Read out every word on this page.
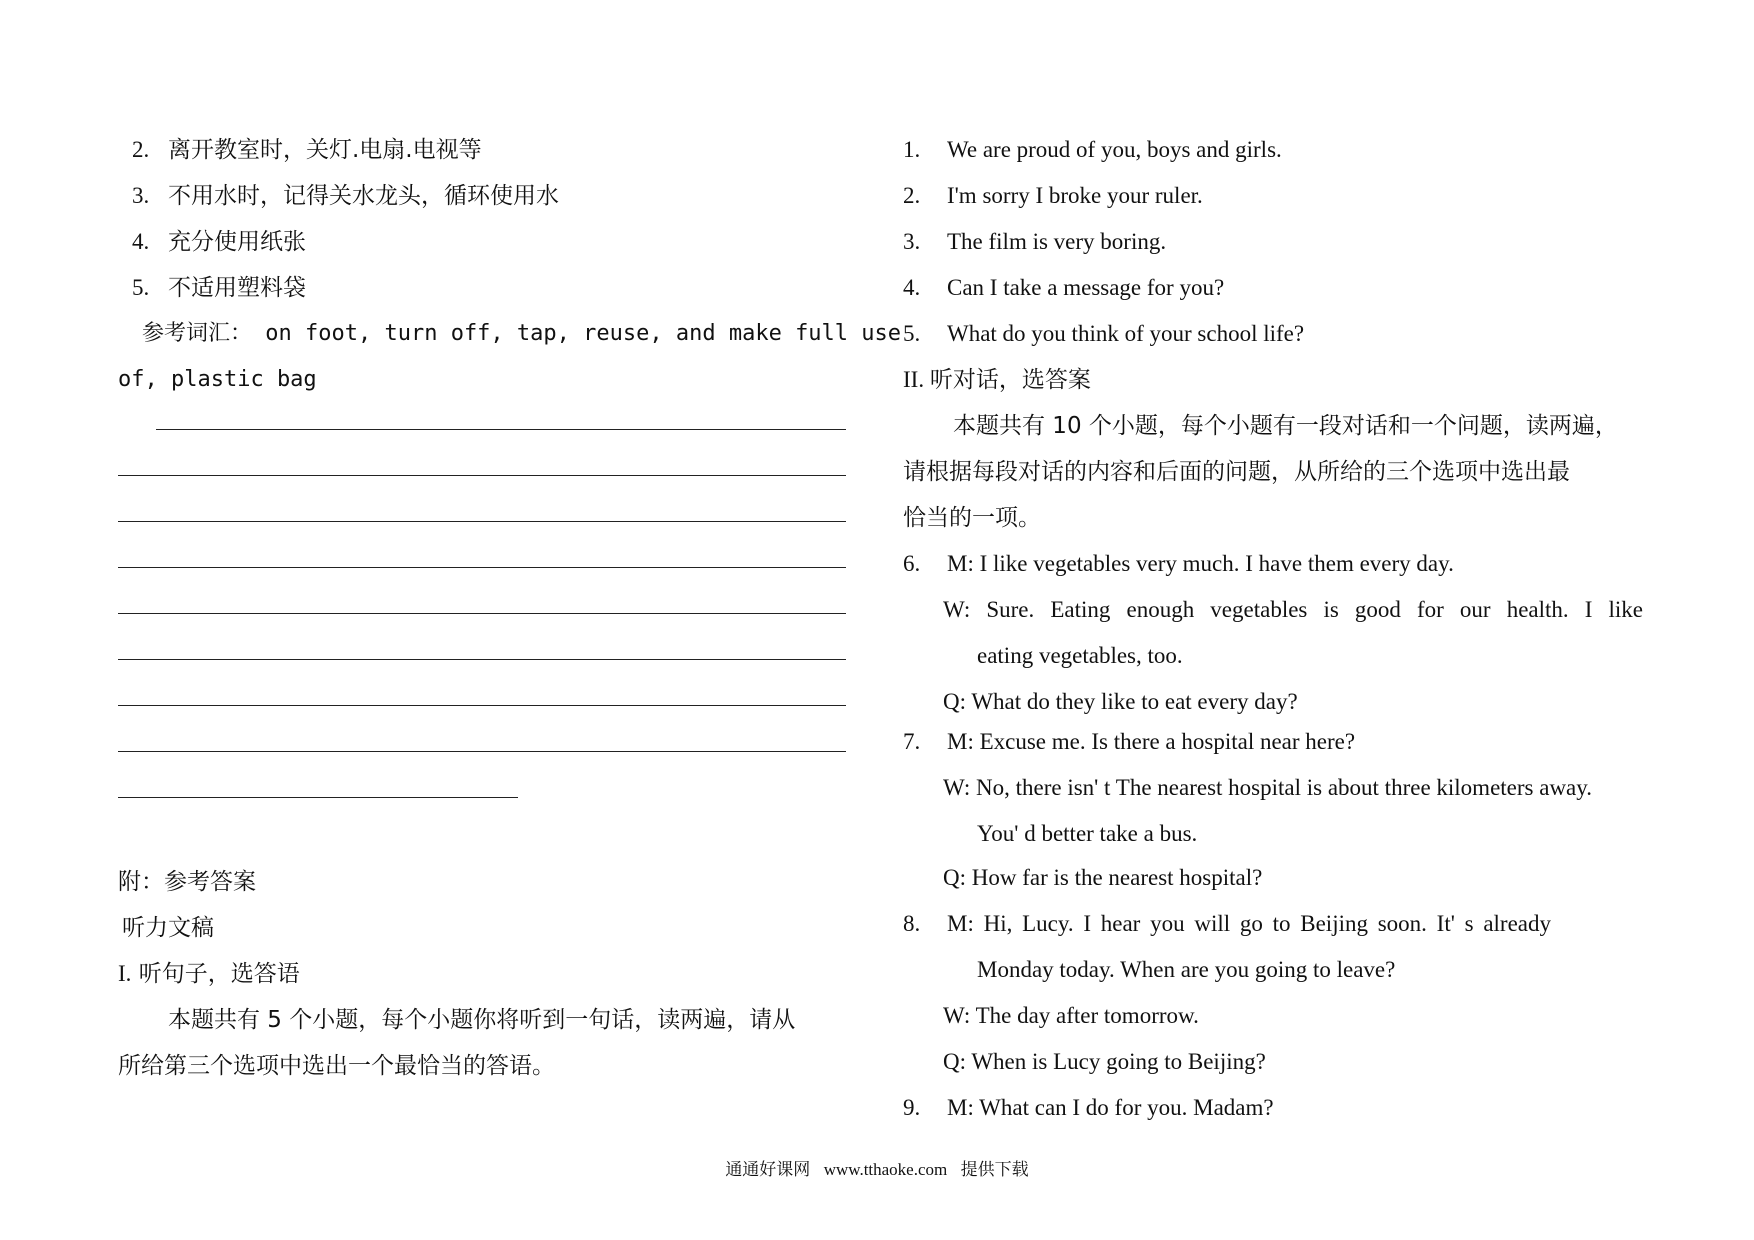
2. 离开教室时，关灯.电扇.电视等
3. 不用水时，记得关水龙头，循环使用水
4. 充分使用纸张
5. 不适用塑料袋
参考词汇： on foot, turn off, tap, reuse, and make full use
of, plastic bag
附：参考答案
听力文稿
I. 听句子，选答语
本题共有 5 个小题，每个小题你将听到一句话，读两遍，请从
所给第三个选项中选出一个最恰当的答语。
1. We are proud of you, boys and girls.
2. I'm sorry I broke your ruler.
3. The film is very boring.
4. Can I take a message for you?
5. What do you think of your school life?
II. 听对话，选答案
本题共有 10 个小题，每个小题有一段对话和一个问题，读两遍，
请根据每段对话的内容和后面的问题，从所给的三个选项中选出最
恰当的一项。
6. M: I like vegetables very much. I have them every day.
W: Sure. Eating enough vegetables is good for our health. I like
eating vegetables, too.
Q: What do they like to eat every day?
7. M: Excuse me. Is there a hospital near here?
W: No, there isn' t The nearest hospital is about three kilometers away.
You' d better take a bus.
Q: How far is the nearest hospital?
8. M: Hi, Lucy. I hear you will go to Beijing soon. It' s already
Monday today. When are you going to leave?
W: The day after tomorrow.
Q: When is Lucy going to Beijing?
9. M: What can I do for you. Madam?
通通好课网 www.tthaoke.com 提供下载
